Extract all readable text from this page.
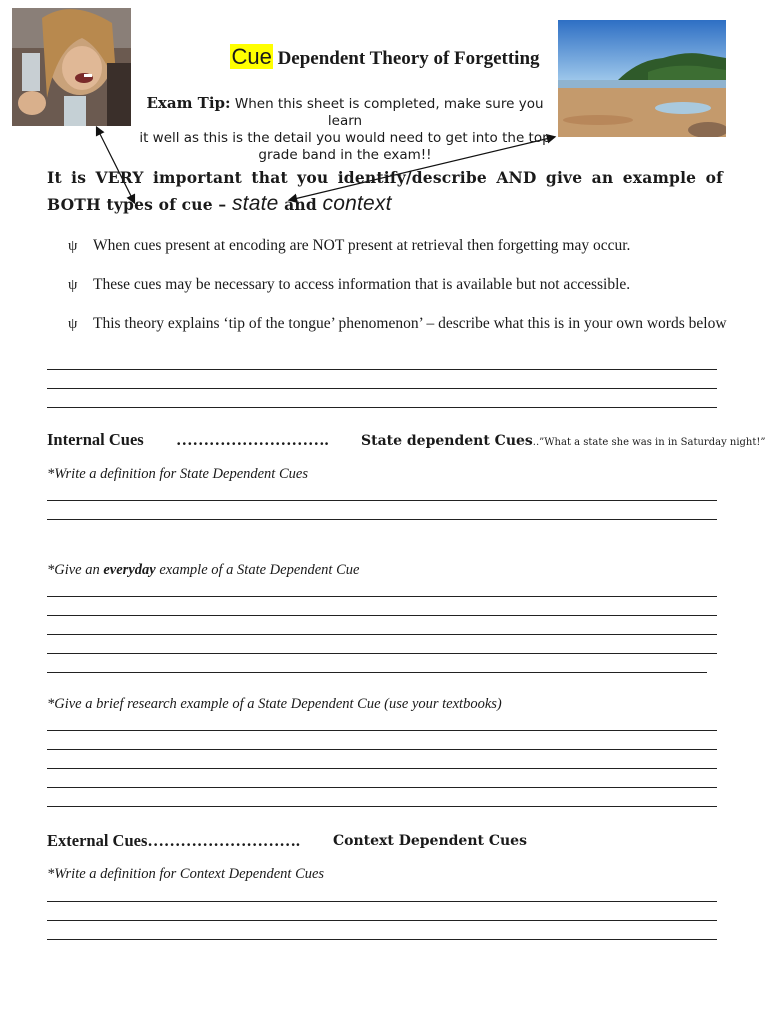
Cue Dependent Theory of Forgetting
Exam Tip: When this sheet is completed, make sure you learn
it well as this is the detail you would need to get into the top
grade band in the exam!!
It is VERY important that you identify/describe AND give an example of BOTH types of cue – state and context
ψ	When cues present at encoding are NOT present at retrieval then forgetting may occur.
ψ	These cues may be necessary to access information that is available but not accessible.
ψ	This theory explains ‘tip of the tongue’ phenomenon’ – describe what this is in your own words below
Internal Cues ………………………. State dependent Cues..”What a state she was in in Saturday night!”
*Write a definition for State Dependent Cues
*Give an everyday example of a State Dependent Cue
*Give a brief research example of a State Dependent Cue (use your textbooks)
External Cues………………………. Context Dependent Cues
*Write a definition for Context Dependent Cues
